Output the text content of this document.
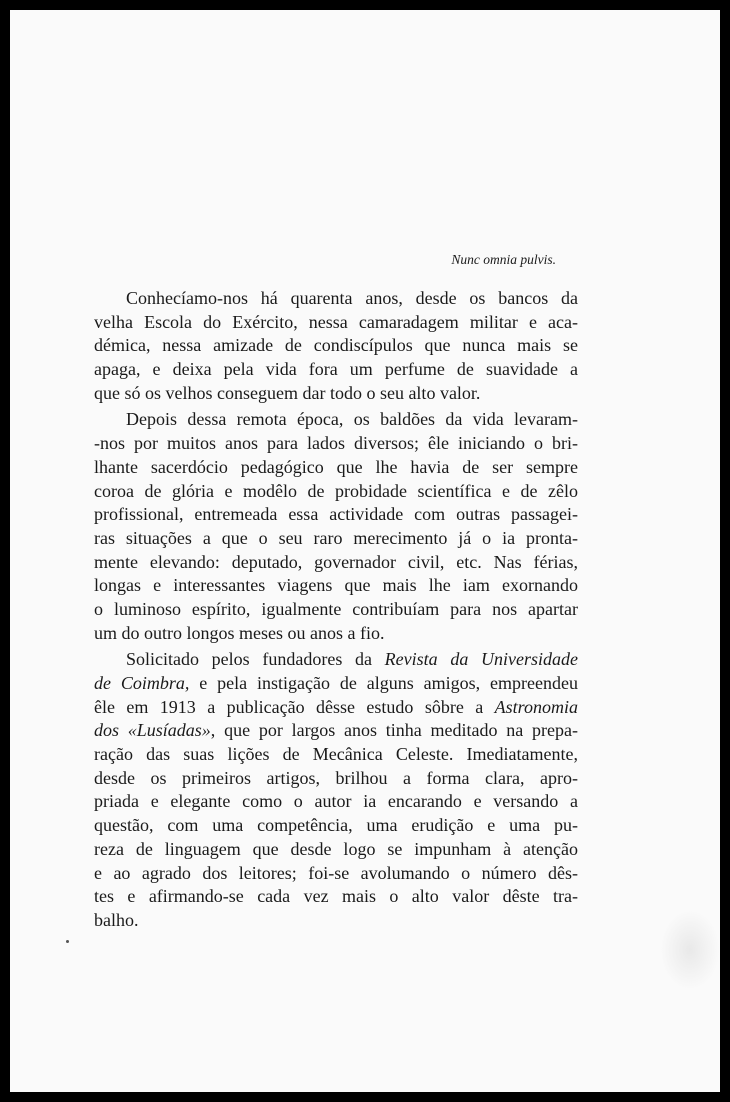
Nunc omnia pulvis.
Conhecíamo-nos há quarenta anos, desde os bancos da
velha Escola do Exército, nessa camaradagem militar e aca-
démica, nessa amizade de condiscípulos que nunca mais se
apaga, e deixa pela vida fora um perfume de suavidade a
que só os velhos conseguem dar todo o seu alto valor.
Depois dessa remota época, os baldões da vida levaram-
-nos por muitos anos para lados diversos; êle iniciando o bri-
lhante sacerdócio pedagógico que lhe havia de ser sempre
coroa de glória e modêlo de probidade scientífica e de zêlo
profissional, entremeada essa actividade com outras passagei-
ras situações a que o seu raro merecimento já o ia pronta-
mente elevando: deputado, governador civil, etc. Nas férias,
longas e interessantes viagens que mais lhe iam exornando
o luminoso espírito, igualmente contribuíam para nos apartar
um do outro longos meses ou anos a fio.
Solicitado pelos fundadores da Revista da Universidade
de Coimbra, e pela instigação de alguns amigos, empreendeu
êle em 1913 a publicação dêsse estudo sôbre a Astronomia
dos «Lusíadas», que por largos anos tinha meditado na prepa-
ração das suas lições de Mecânica Celeste. Imediatamente,
desde os primeiros artigos, brilhou a forma clara, apro-
priada e elegante como o autor ia encarando e versando a
questão, com uma competência, uma erudição e uma pu-
reza de linguagem que desde logo se impunham à atenção
e ao agrado dos leitores; foi-se avolumando o número dês-
tes e afirmando-se cada vez mais o alto valor dêste tra-
balho.
